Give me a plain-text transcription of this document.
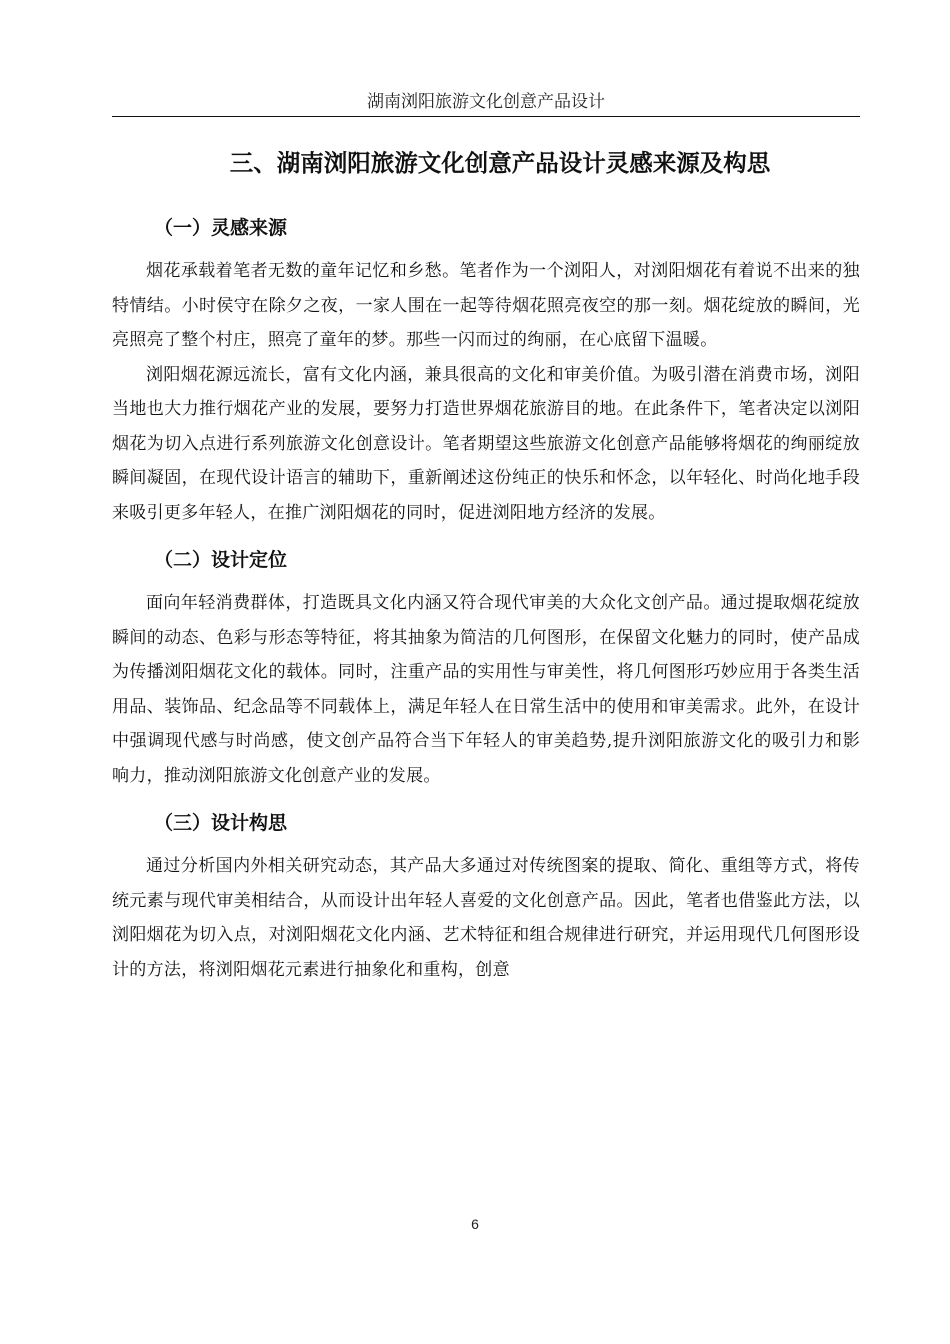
湖南浏阳旅游文化创意产品设计
三、湖南浏阳旅游文化创意产品设计灵感来源及构思
（一）灵感来源

烟花承载着笔者无数的童年记忆和乡愁。笔者作为一个浏阳人，对浏阳烟花有着说不出来的独特情结。小时侯守在除夕之夜，一家人围在一起等待烟花照亮夜空的那一刻。烟花绽放的瞬间，光亮照亮了整个村庄，照亮了童年的梦。那些一闪而过的绚丽，在心底留下温暖。

浏阳烟花源远流长，富有文化内涵，兼具很高的文化和审美价值。为吸引潜在消费市场，浏阳当地也大力推行烟花产业的发展，要努力打造世界烟花旅游目的地。在此条件下，笔者决定以浏阳烟花为切入点进行系列旅游文化创意设计。笔者期望这些旅游文化创意产品能够将烟花的绚丽绽放瞬间凝固，在现代设计语言的辅助下，重新阐述这份纯正的快乐和怀念，以年轻化、时尚化地手段来吸引更多年轻人，在推广浏阳烟花的同时，促进浏阳地方经济的发展。

（二）设计定位

面向年轻消费群体，打造既具文化内涵又符合现代审美的大众化文创产品。通过提取烟花绽放瞬间的动态、色彩与形态等特征，将其抽象为简洁的几何图形，在保留文化魅力的同时，使产品成为传播浏阳烟花文化的载体。同时，注重产品的实用性与审美性，将几何图形巧妙应用于各类生活用品、装饰品、纪念品等不同载体上，满足年轻人在日常生活中的使用和审美需求。此外，在设计中强调现代感与时尚感，使文创产品符合当下年轻人的审美趋势,提升浏阳旅游文化的吸引力和影响力，推动浏阳旅游文化创意产业的发展。

（三）设计构思

通过分析国内外相关研究动态，其产品大多通过对传统图案的提取、简化、重组等方式，将传统元素与现代审美相结合，从而设计出年轻人喜爱的文化创意产品。因此，笔者也借鉴此方法，以浏阳烟花为切入点，对浏阳烟花文化内涵、艺术特征和组合规律进行研究，并运用现代几何图形设计的方法，将浏阳烟花元素进行抽象化和重构，创意

6
